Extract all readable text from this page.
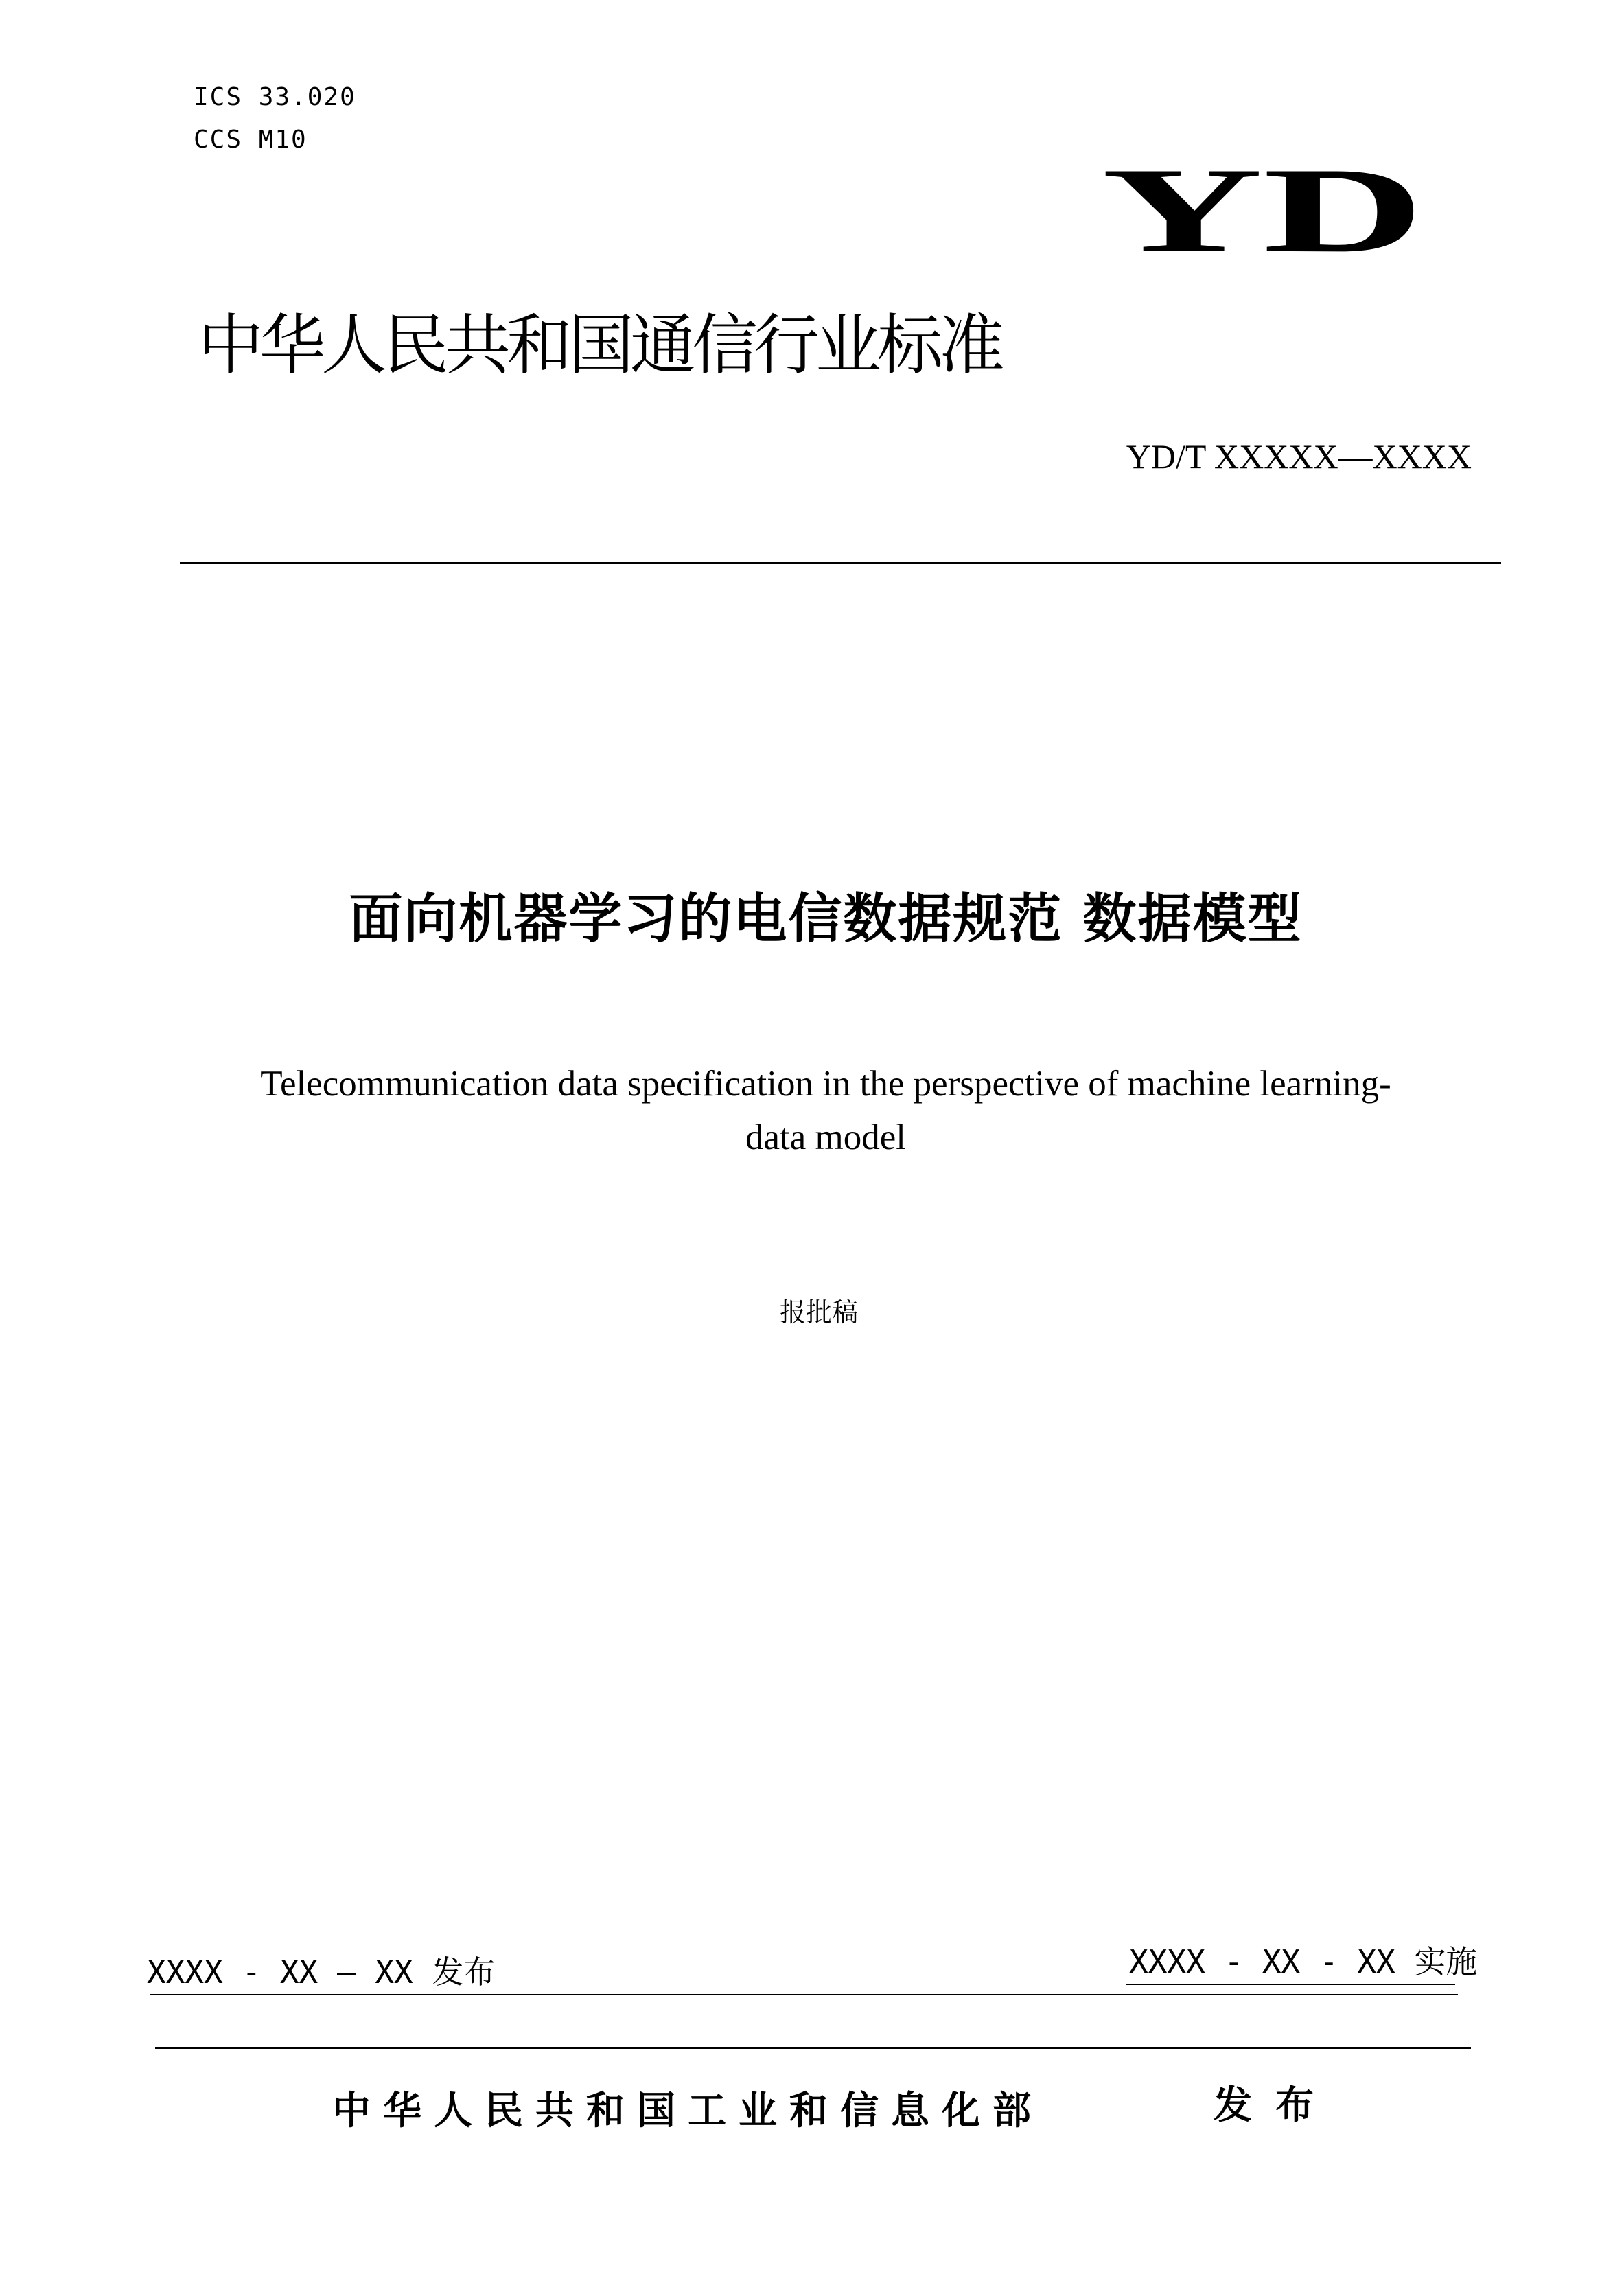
ICS 33.020
CCS M10
YD
中华人民共和国通信行业标准
YD/T XXXXX—XXXX
面向机器学习的电信数据规范 数据模型
Telecommunication data specification in the perspective of machine learning-
data model
报批稿
XXXX - XX – XX 发布	XXXX - XX - XX 实施
中华人民共和国工业和信息化部	发布
